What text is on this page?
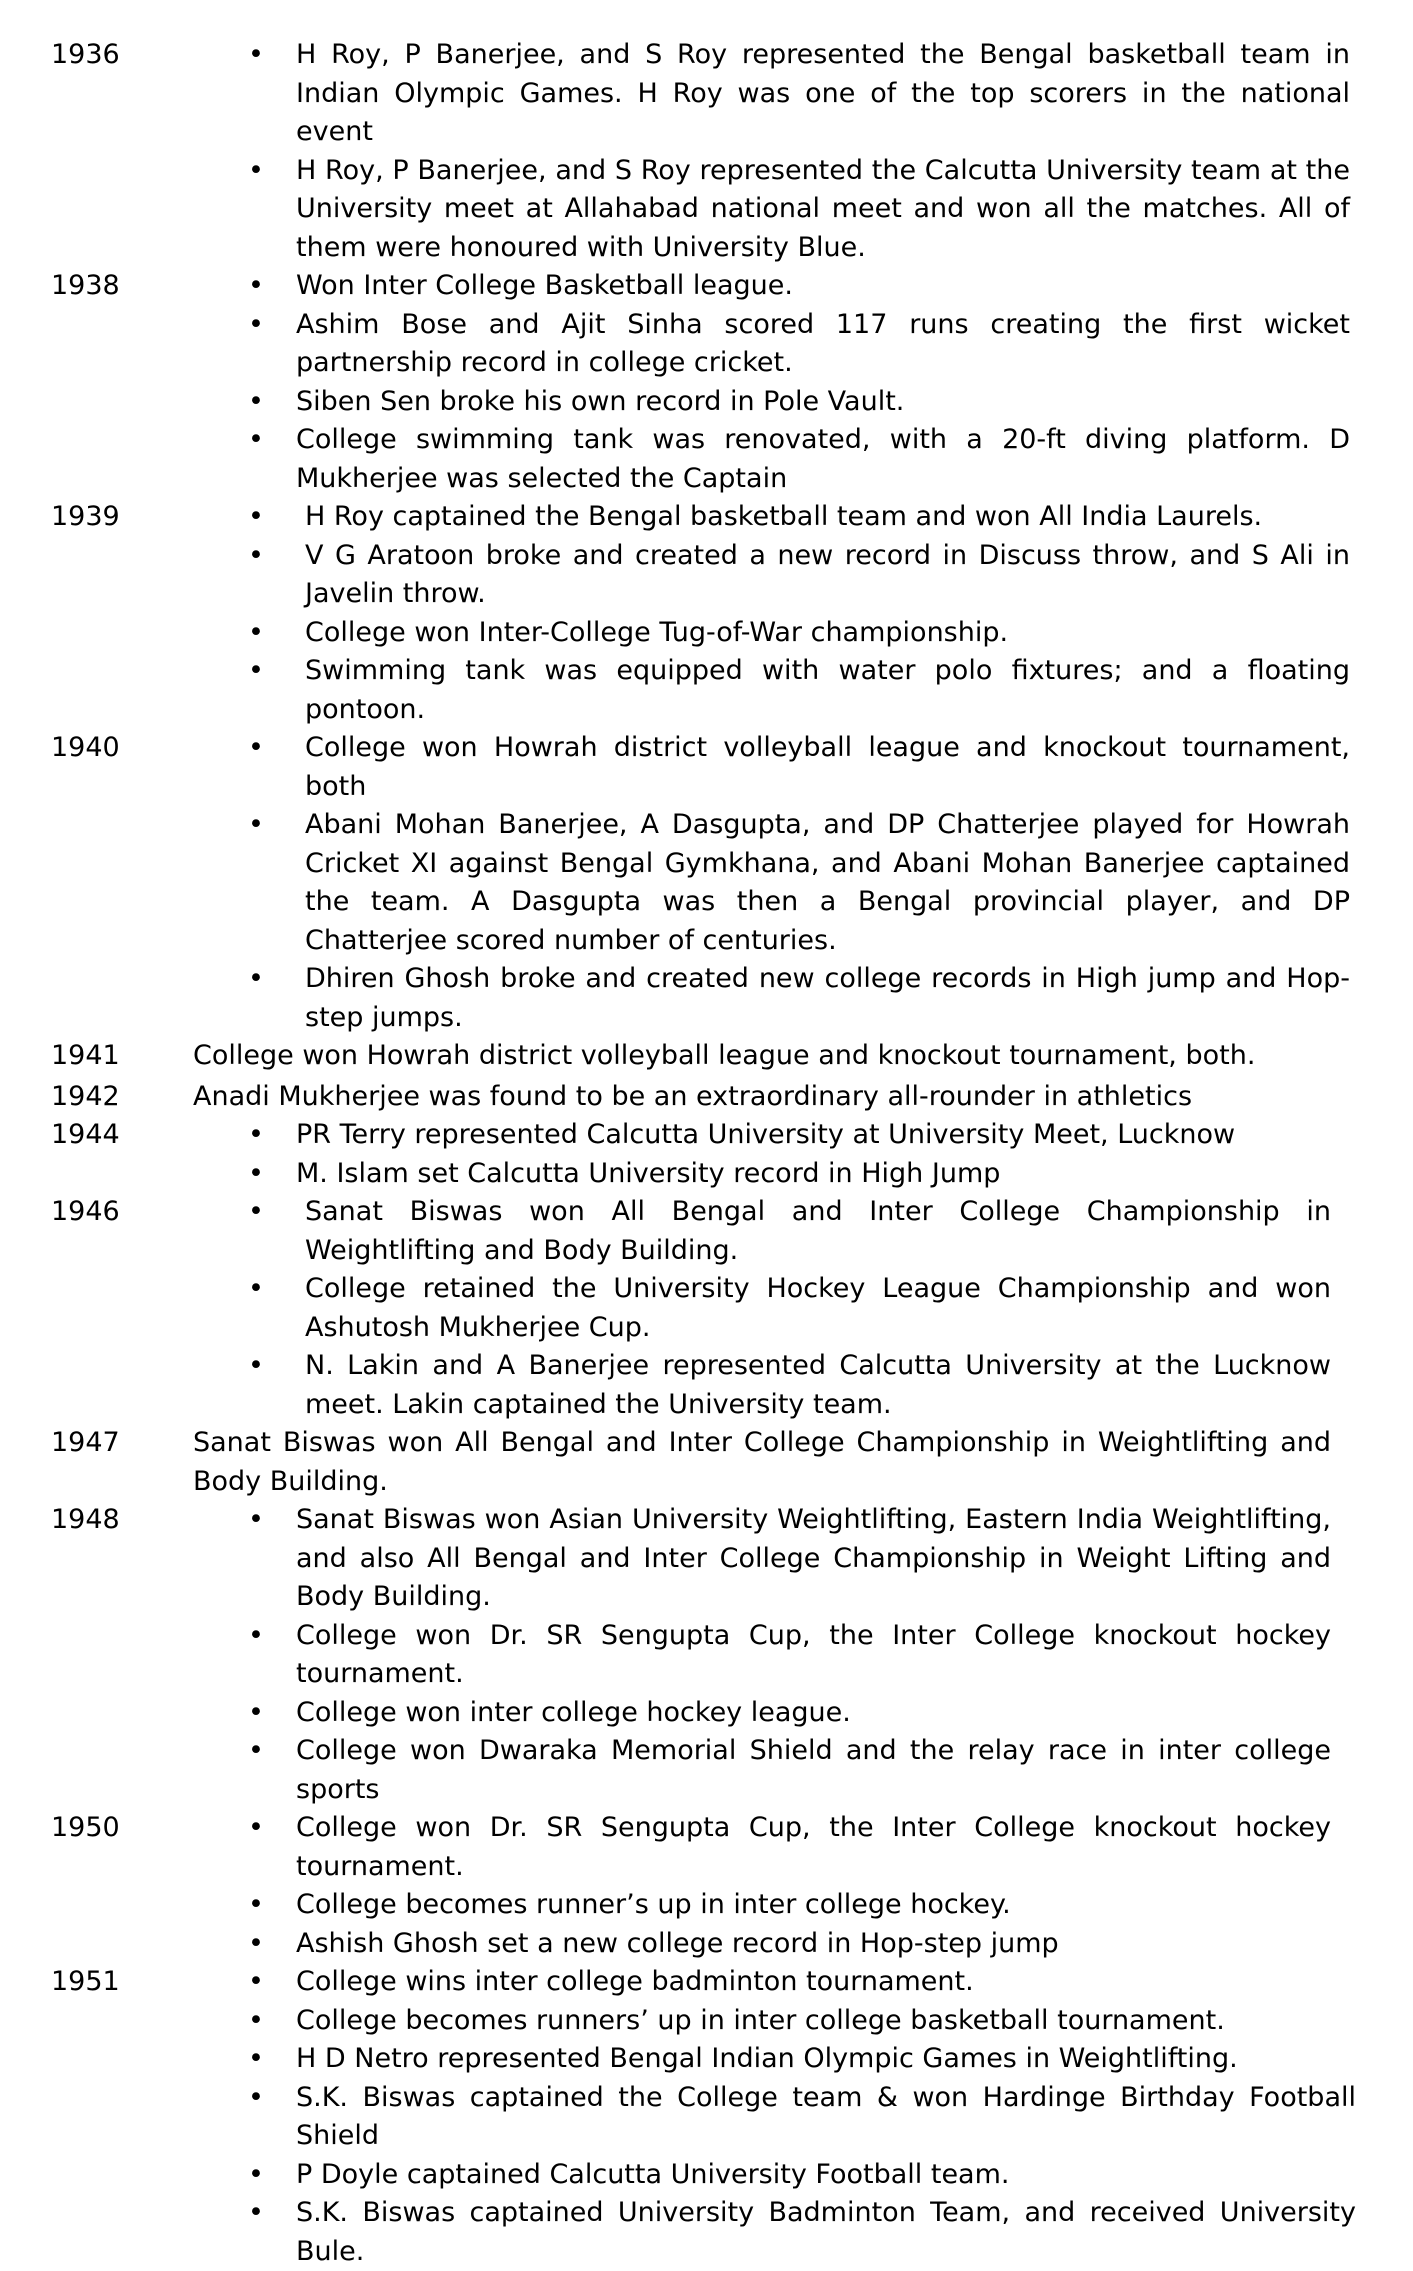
1936	• H Roy, P Banerjee, and S Roy represented the Bengal basketball team in Indian Olympic Games. H Roy was one of the top scorers in the national event
• H Roy, P Banerjee, and S Roy represented the Calcutta University team at the University meet at Allahabad national meet and won all the matches. All of them were honoured with University Blue.
1938	• Won Inter College Basketball league.
• Ashim Bose and Ajit Sinha scored 117 runs creating the first wicket partnership record in college cricket.
• Siben Sen broke his own record in Pole Vault.
• College swimming tank was renovated, with a 20-ft diving platform. D Mukherjee was selected the Captain
1939	• H Roy captained the Bengal basketball team and won All India Laurels.
• V G Aratoon broke and created a new record in Discuss throw, and S Ali in Javelin throw.
• College won Inter-College Tug-of-War championship.
• Swimming tank was equipped with water polo fixtures; and a floating pontoon.
1940	• College won Howrah district volleyball league and knockout tournament, both
• Abani Mohan Banerjee, A Dasgupta, and DP Chatterjee played for Howrah Cricket XI against Bengal Gymkhana, and Abani Mohan Banerjee captained the team. A Dasgupta was then a Bengal provincial player, and DP Chatterjee scored number of centuries.
• Dhiren Ghosh broke and created new college records in High jump and Hop-step jumps.
1941	College won Howrah district volleyball league and knockout tournament, both.
1942	Anadi Mukherjee was found to be an extraordinary all-rounder in athletics
1944	• PR Terry represented Calcutta University at University Meet, Lucknow
• M. Islam set Calcutta University record in High Jump
1946	• Sanat Biswas won All Bengal and Inter College Championship in Weightlifting and Body Building.
• College retained the University Hockey League Championship and won Ashutosh Mukherjee Cup.
• N. Lakin and A Banerjee represented Calcutta University at the Lucknow meet. Lakin captained the University team.
1947	Sanat Biswas won All Bengal and Inter College Championship in Weightlifting and Body Building.
1948	• Sanat Biswas won Asian University Weightlifting, Eastern India Weightlifting, and also All Bengal and Inter College Championship in Weight Lifting and Body Building.
• College won Dr. SR Sengupta Cup, the Inter College knockout hockey tournament.
• College won inter college hockey league.
• College won Dwaraka Memorial Shield and the relay race in inter college sports
1950	• College won Dr. SR Sengupta Cup, the Inter College knockout hockey tournament.
• College becomes runner’s up in inter college hockey.
• Ashish Ghosh set a new college record in Hop-step jump
1951	• College wins inter college badminton tournament.
• College becomes runners’ up in inter college basketball tournament.
• H D Netro represented Bengal Indian Olympic Games in Weightlifting.
• S.K. Biswas captained the College team & won Hardinge Birthday Football Shield
• P Doyle captained Calcutta University Football team.
• S.K. Biswas captained University Badminton Team, and received University Bule.
